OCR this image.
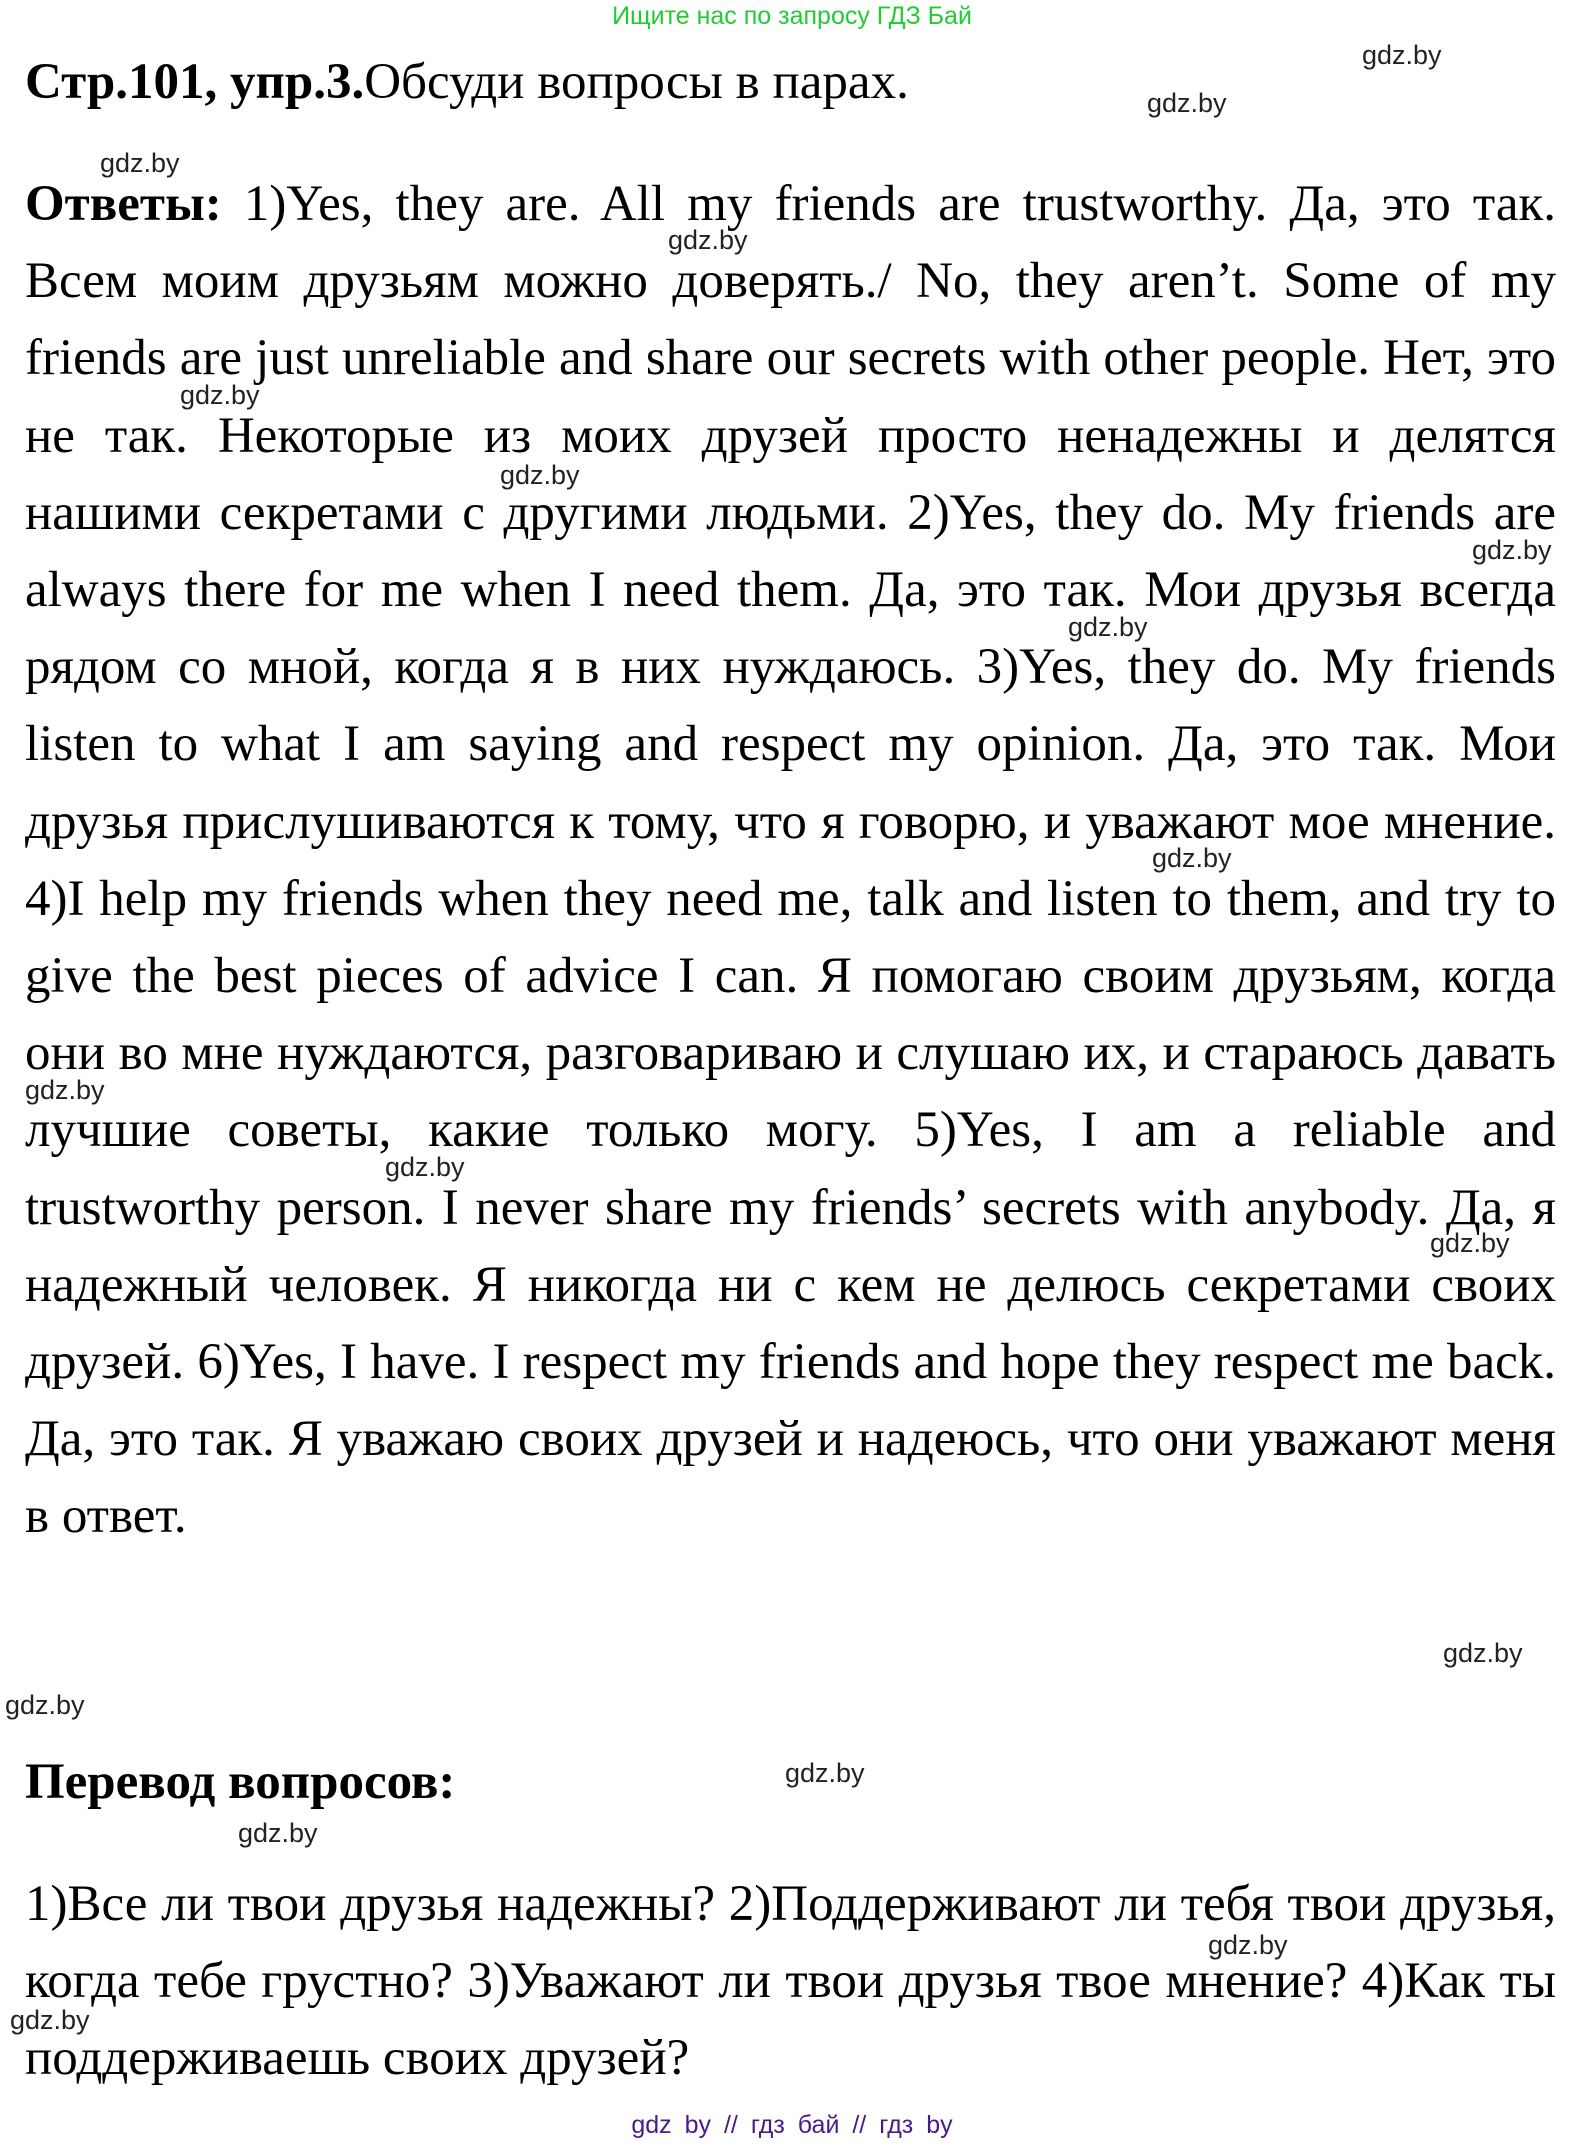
Ищите нас по запросу ГДЗ Бай
Стр.101, упр.3.Обсуди вопросы в парах.
Ответы: 1)Yes, they are. All my friends are trustworthy. Да, это так. Всем моим друзьям можно доверять./ No, they aren’t. Some of my friends are just unreliable and share our secrets with other people. Нет, это не так. Некоторые из моих друзей просто ненадежны и делятся нашими секретами с другими людьми. 2)Yes, they do. My friends are always there for me when I need them. Да, это так. Мои друзья всегда рядом со мной, когда я в них нуждаюсь. 3)Yes, they do. My friends listen to what I am saying and respect my opinion. Да, это так. Мои друзья прислушиваются к тому, что я говорю, и уважают мое мнение. 4)I help my friends when they need me, talk and listen to them, and try to give the best pieces of advice I can. Я помогаю своим друзьям, когда они во мне нуждаются, разговариваю и слушаю их, и стараюсь давать лучшие советы, какие только могу. 5)Yes, I am a reliable and trustworthy person. I never share my friends’ secrets with anybody. Да, я надежный человек. Я никогда ни с кем не делюсь секретами своих друзей. 6)Yes, I have. I respect my friends and hope they respect me back. Да, это так. Я уважаю своих друзей и надеюсь, что они уважают меня в ответ.
Перевод вопросов:
1)Все ли твои друзья надежны? 2)Поддерживают ли тебя твои друзья, когда тебе грустно? 3)Уважают ли твои друзья твое мнение? 4)Как ты поддерживаешь своих друзей?
gdz.by
gdz.by
gdz.by
gdz.by
gdz.by
gdz.by
gdz.by
gdz.by
gdz.by
gdz.by
gdz.by
gdz.by
gdz.by
gdz.by
gdz.by
gdz.by
gdz.by
gdz.by
gdz by // гдз бай // гдз by
